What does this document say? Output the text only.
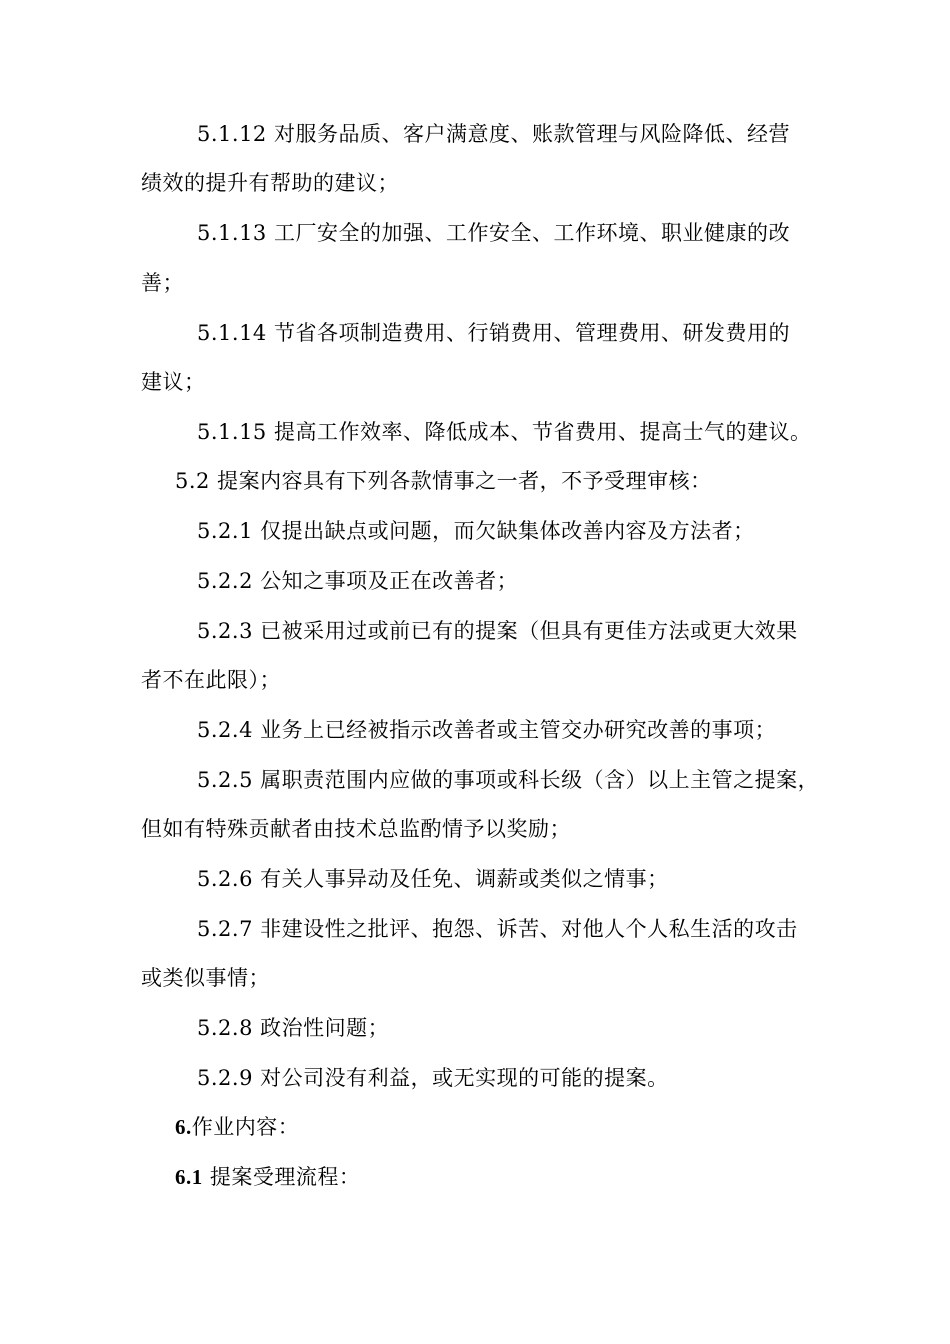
5.1.12 对服务品质、客户满意度、账款管理与风险降低、经营
绩效的提升有帮助的建议；
5.1.13 工厂安全的加强、工作安全、工作环境、职业健康的改
善；
5.1.14 节省各项制造费用、行销费用、管理费用、研发费用的
建议；
5.1.15 提高工作效率、降低成本、节省费用、提高士气的建议。
5.2 提案内容具有下列各款情事之一者，不予受理审核：
5.2.1 仅提出缺点或问题，而欠缺集体改善内容及方法者；
5.2.2 公知之事项及正在改善者；
5.2.3 已被采用过或前已有的提案（但具有更佳方法或更大效果
者不在此限）；
5.2.4 业务上已经被指示改善者或主管交办研究改善的事项；
5.2.5 属职责范围内应做的事项或科长级（含）以上主管之提案，
但如有特殊贡献者由技术总监酌情予以奖励；
5.2.6 有关人事异动及任免、调薪或类似之情事；
5.2.7 非建设性之批评、抱怨、诉苦、对他人个人私生活的攻击
或类似事情；
5.2.8 政治性问题；
5.2.9 对公司没有利益，或无实现的可能的提案。
6.作业内容：
6.1 提案受理流程：
